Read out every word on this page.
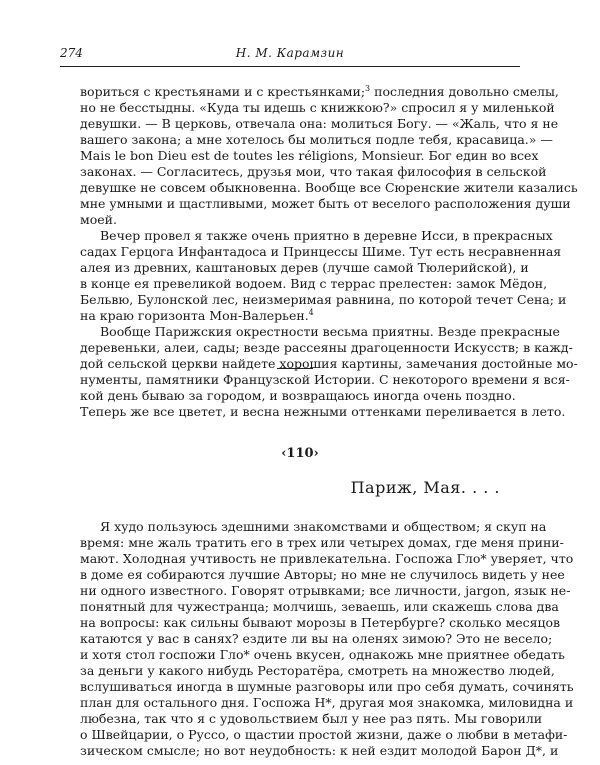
274	Н. М. Карамзин
вориться с крестьянами и с крестьянками;$^3$ последния довольно смелы,
но не бесстыдны. «Куда ты идешь с книжкою?» спросил я у миленькой
девушки. — В церковь, отвечала она: молиться Богу. — «Жаль, что я не
вашего закона; а мне хотелось бы молиться подле тебя, красавица.» —
Mais le bon Dieu est de toutes les réligions, Monsieur. Бог един во всех
законах. — Согласитесь, друзья мои, что такая философия в сельской
девушке не совсем обыкновенна. Вообще все Сюренские жители казались
мне умными и щастливыми, может быть от веселого расположения души
моей.
Вечер провел я также очень приятно в деревне Исси, в прекрасных
садах Герцога Инфантадоса и Принцессы Шиме. Тут есть несравненная
алея из древних, каштановых дерев (лучше самой Тюлерийской), и
в конце ея превеликой водоем. Вид с террас прелестен: замок Мёдон,
Бельвю, Булонской лес, неизмеримая равнина, по которой течет Сена; и
на краю горизонта Мон-Валерьен.$^4$
Вообще Парижския окрестности весьма приятны. Везде прекрасные
деревеньки, алеи, сады; везде рассеяны драгоценности Искусств; в кажд-
дой сельской церкви найдете хорошия картины, замечания достойные мо-
нументы, памятники Французской Истории. С некоторого времени я вся-
кой день бываю за городом, и возвращаюсь иногда очень поздно.
Теперь же все цветет, и весна нежными оттенками переливается в лето.
‹110›
Париж, Мая. . . .
Я худо пользуюсь здешними знакомствами и обществом; я скуп на
время: мне жаль тратить его в трех или четырех домах, где меня прини-
мают. Холодная учтивость не привлекательна. Госпожа Гло* уверяет, что
в доме ея собираются лучшие Авторы; но мне не случилось видеть у нее
ни одного известного. Говорят отрывками; все личности, jargon, язык не-
понятный для чужестранца; молчишь, зеваешь, или скажешь слова два
на вопросы: как сильны бывают морозы в Петербурге? сколько месяцов
катаются у вас в санях? ездите ли вы на оленях зимою? Это не весело;
и хотя стол госпожи Гло* очень вкусен, однакожь мне приятнее обедать
за деньги у какого нибудь Ресторатёра, смотреть на множество людей,
вслушиваться иногда в шумные разговоры или про себя думать, сочинять
план для остального дня. Госпожа Н*, другая моя знакомка, миловидна и
любезна, так что я с удовольствием был у нее раз пять. Мы говорили
о Швейцарии, о Руссо, о щастии простой жизни, даже о любви в метафи-
зическом смысле; но вот неудобность: к ней ездит молодой Барон Д*, и
